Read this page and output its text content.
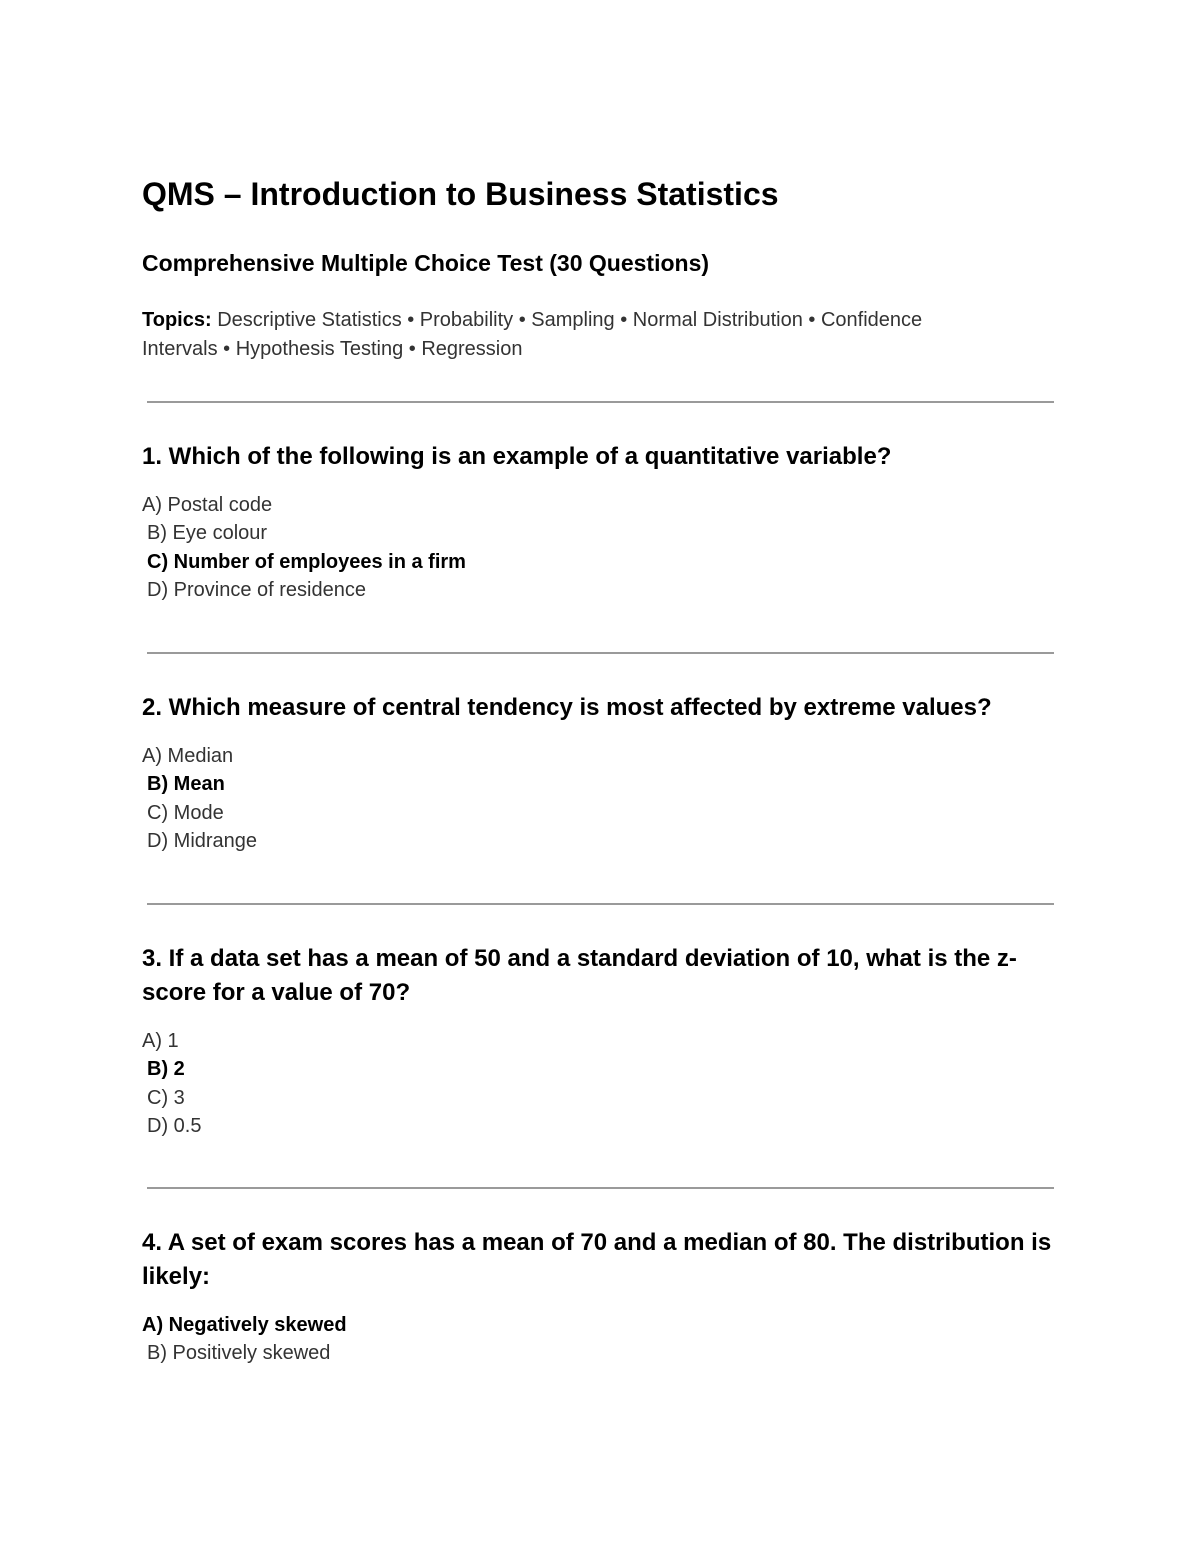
QMS – Introduction to Business Statistics
Comprehensive Multiple Choice Test (30 Questions)

Topics: Descriptive Statistics • Probability • Sampling • Normal Distribution • Confidence Intervals • Hypothesis Testing • Regression

1. Which of the following is an example of a quantitative variable?

A) Postal code
B) Eye colour
C) Number of employees in a firm
D) Province of residence

2. Which measure of central tendency is most affected by extreme values?

A) Median
B) Mean
C) Mode
D) Midrange

3. If a data set has a mean of 50 and a standard deviation of 10, what is the z-score for a value of 70?

A) 1
B) 2
C) 3
D) 0.5

4. A set of exam scores has a mean of 70 and a median of 80. The distribution is likely:

A) Negatively skewed
B) Positively skewed
